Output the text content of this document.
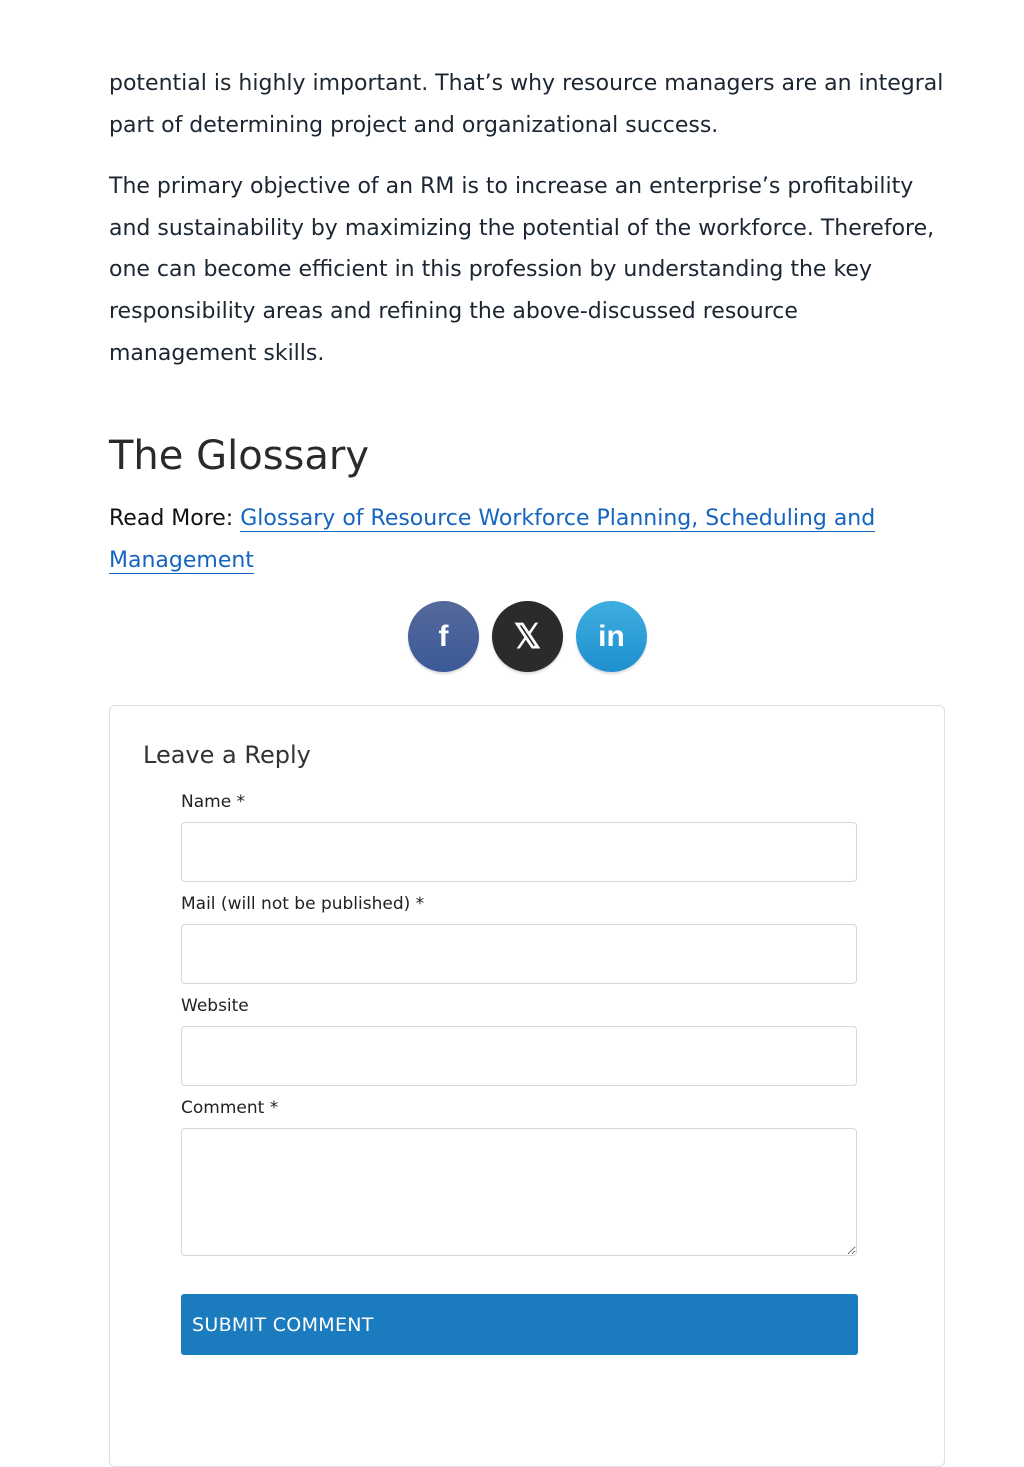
potential is highly important. That’s why resource managers are an integral part of determining project and organizational success.

The primary objective of an RM is to increase an enterprise’s profitability and sustainability by maximizing the potential of the workforce. Therefore, one can become efficient in this profession by understanding the key responsibility areas and refining the above-discussed resource management skills.

The Glossary

Read More: Glossary of Resource Workforce Planning, Scheduling and Management

f 𝕏 in
Leave a Reply
Name *
Mail (will not be published) *
Website
Comment *
SUBMIT COMMENT
